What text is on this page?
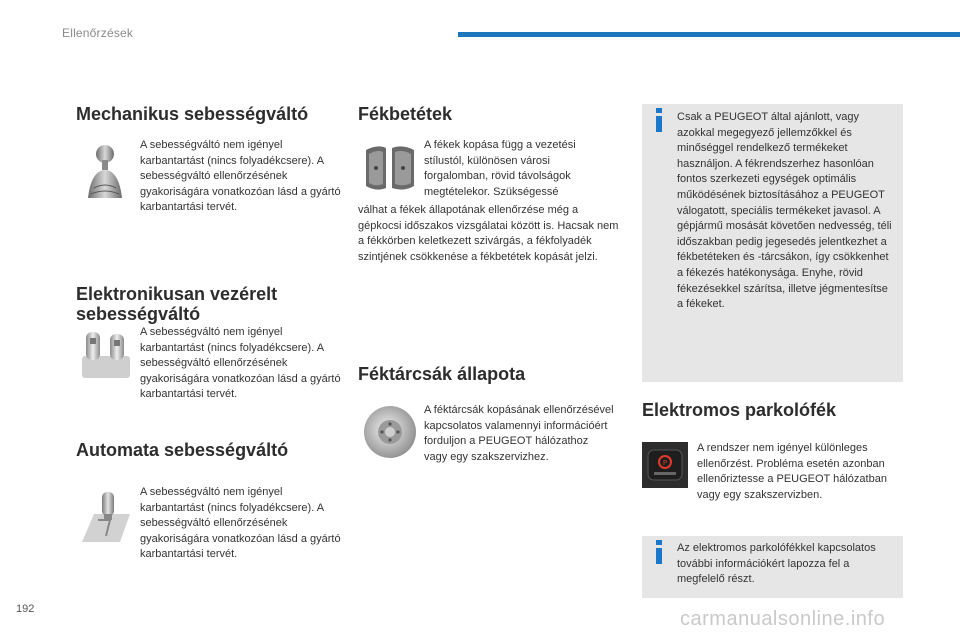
Ellenőrzések
Mechanikus sebességváltó
A sebességváltó nem igényel karbantartást (nincs folyadékcsere). A sebességváltó ellenőrzésének gyakoriságára vonatkozóan lásd a gyártó karbantartási tervét.
Elektronikusan vezérelt sebességváltó
A sebességváltó nem igényel karbantartást (nincs folyadékcsere). A sebességváltó ellenőrzésének gyakoriságára vonatkozóan lásd a gyártó karbantartási tervét.
Automata sebességváltó
A sebességváltó nem igényel karbantartást (nincs folyadékcsere). A sebességváltó ellenőrzésének gyakoriságára vonatkozóan lásd a gyártó karbantartási tervét.
Fékbetétek
A fékek kopása függ a vezetési stílustól, különösen városi forgalomban, rövid távolságok megtételekor. Szükségessé
válhat a fékek állapotának ellenőrzése még a gépkocsi időszakos vizsgálatai között is. Hacsak nem a fékkörben keletkezett szivárgás, a fékfolyadék szintjének csökkenése a fékbetétek kopását jelzi.
Féktárcsák állapota
A féktárcsák kopásának ellenőrzésével kapcsolatos valamennyi információért forduljon a PEUGEOT hálózathoz vagy egy szakszervizhez.
Csak a PEUGEOT által ajánlott, vagy azokkal megegyező jellemzőkkel és minőséggel rendelkező termékeket használjon. A fékrendszerhez hasonlóan fontos szerkezeti egységek optimális működésének biztosításához a PEUGEOT válogatott, speciális termékeket javasol. A gépjármű mosását követően nedvesség, téli időszakban pedig jegesedés jelentkezhet a fékbetéteken és -tárcsákon, így csökkenhet a fékezés hatékonysága. Enyhe, rövid fékezésekkel szárítsa, illetve jégmentesítse a fékeket.
Elektromos parkolófék
P
A rendszer nem igényel különleges ellenőrzést. Probléma esetén azonban ellenőriztesse a PEUGEOT hálózatban vagy egy szakszervizben.
Az elektromos parkolófékkel kapcsolatos további információkért lapozza fel a megfelelő részt.
192	carmanualsonline.info
